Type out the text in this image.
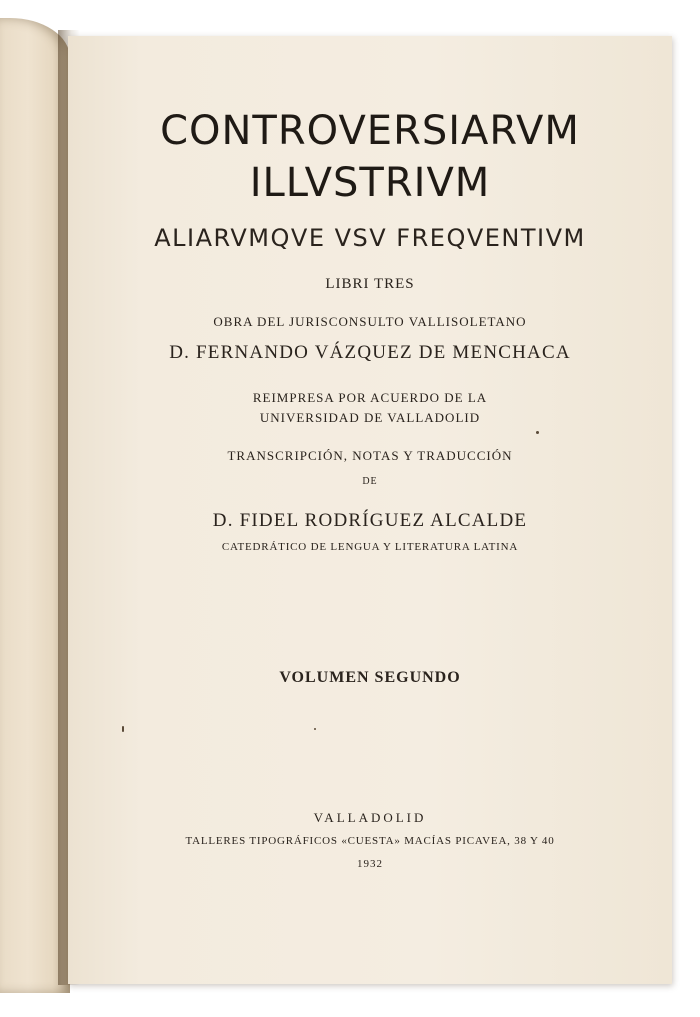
CONTROVERSIARVM
ILLVSTRIVM
ALIARVMQVE VSV FREQVENTIVM
LIBRI TRES
OBRA DEL JURISCONSULTO VALLISOLETANO
D. FERNANDO VÁZQUEZ DE MENCHACA
REIMPRESA POR ACUERDO DE LA
UNIVERSIDAD DE VALLADOLID
TRANSCRIPCIÓN, NOTAS Y TRADUCCIÓN
DE
D. FIDEL RODRÍGUEZ ALCALDE
CATEDRÁTICO DE LENGUA Y LITERATURA LATINA
VOLUMEN SEGUNDO
VALLADOLID
TALLERES TIPOGRÁFICOS «CUESTA» MACÍAS PICAVEA, 38 Y 40
1932
